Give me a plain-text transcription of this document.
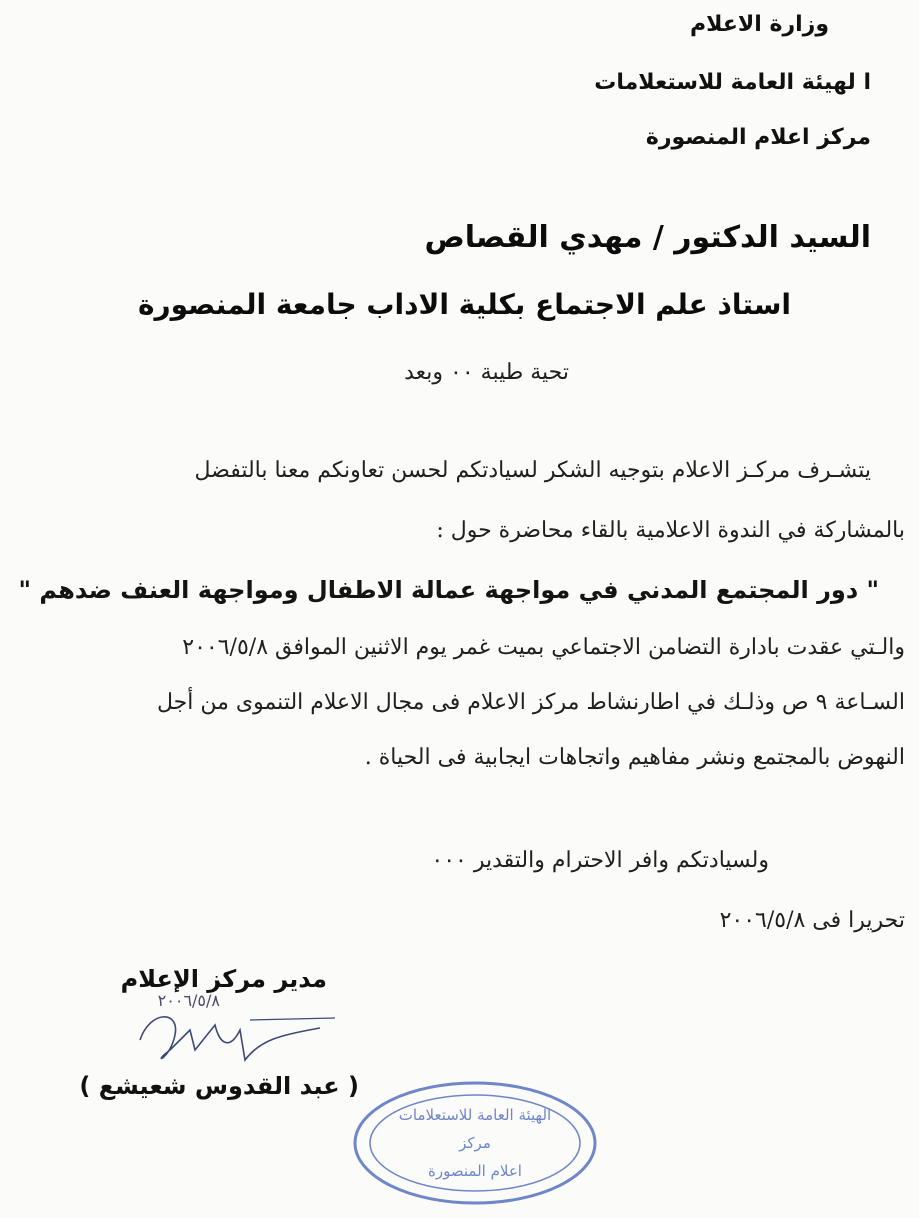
وزارة الاعلام
ا لهيئة العامة للاستعلامات
مركز اعلام المنصورة
السيد الدكتور / مهدي القصاص
استاذ علم الاجتماع بكلية الاداب جامعة المنصورة
تحية طيبة ٠٠ وبعد
يتشـرف مركـز الاعلام بتوجيه الشكر لسيادتكم لحسن تعاونكم معنا بالتفضل
بالمشاركة في الندوة الاعلامية بالقاء محاضرة حول :
" دور المجتمع المدني في مواجهة عمالة الاطفال ومواجهة العنف ضدهم "
والـتي عقدت بادارة التضامن الاجتماعي بميت غمر يوم الاثنين الموافق ٢٠٠٦/٥/٨
السـاعة ٩ ص وذلـك في اطارنشاط مركز الاعلام فى مجال الاعلام التنموى من أجل
النهوض بالمجتمع ونشر مفاهيم واتجاهات ايجابية فى الحياة .
ولسيادتكم وافر الاحترام والتقدير ٠٠٠
تحريرا فى ٢٠٠٦/٥/٨
مدير مركز الإعلام
٢٠٠٦/٥/٨
( عبد القدوس شعيشع )
الهيئة العامة للاستعلامات
مركز
اعلام المنصورة
